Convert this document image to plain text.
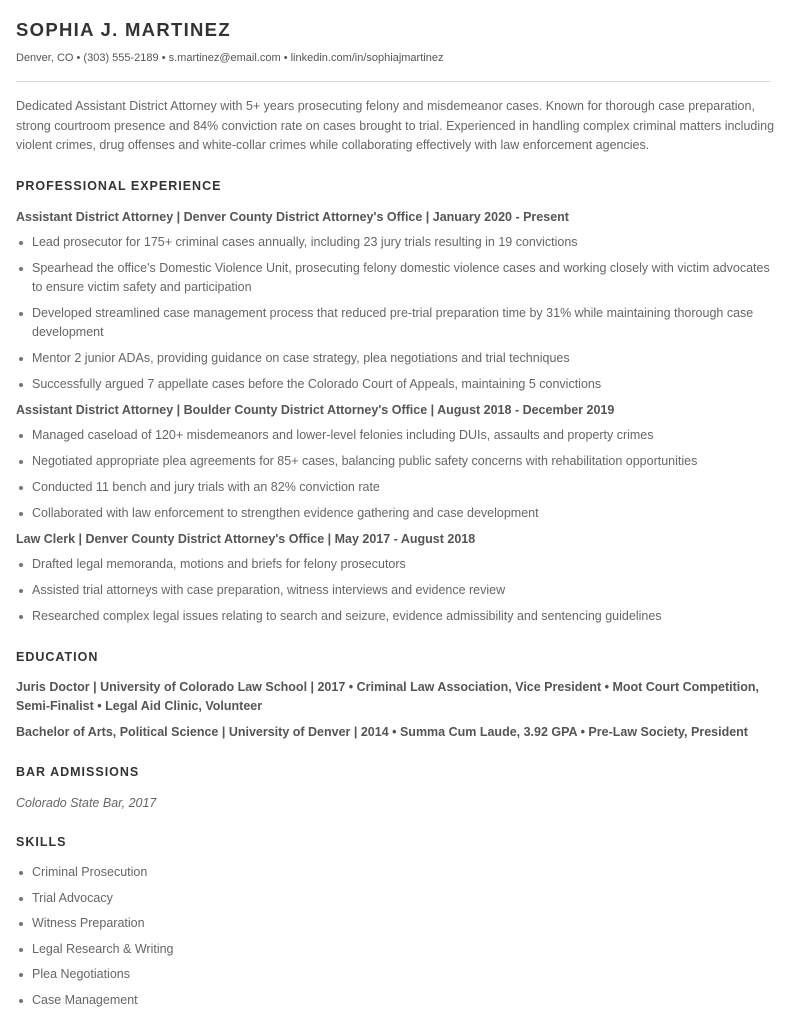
SOPHIA J. MARTINEZ
Denver, CO • (303) 555-2189 • s.martinez@email.com • linkedin.com/in/sophiajmartinez
Dedicated Assistant District Attorney with 5+ years prosecuting felony and misdemeanor cases. Known for thorough case preparation, strong courtroom presence and 84% conviction rate on cases brought to trial. Experienced in handling complex criminal matters including violent crimes, drug offenses and white-collar crimes while collaborating effectively with law enforcement agencies.
PROFESSIONAL EXPERIENCE
Assistant District Attorney | Denver County District Attorney's Office | January 2020 - Present
Lead prosecutor for 175+ criminal cases annually, including 23 jury trials resulting in 19 convictions
Spearhead the office's Domestic Violence Unit, prosecuting felony domestic violence cases and working closely with victim advocates to ensure victim safety and participation
Developed streamlined case management process that reduced pre-trial preparation time by 31% while maintaining thorough case development
Mentor 2 junior ADAs, providing guidance on case strategy, plea negotiations and trial techniques
Successfully argued 7 appellate cases before the Colorado Court of Appeals, maintaining 5 convictions
Assistant District Attorney | Boulder County District Attorney's Office | August 2018 - December 2019
Managed caseload of 120+ misdemeanors and lower-level felonies including DUIs, assaults and property crimes
Negotiated appropriate plea agreements for 85+ cases, balancing public safety concerns with rehabilitation opportunities
Conducted 11 bench and jury trials with an 82% conviction rate
Collaborated with law enforcement to strengthen evidence gathering and case development
Law Clerk | Denver County District Attorney's Office | May 2017 - August 2018
Drafted legal memoranda, motions and briefs for felony prosecutors
Assisted trial attorneys with case preparation, witness interviews and evidence review
Researched complex legal issues relating to search and seizure, evidence admissibility and sentencing guidelines
EDUCATION
Juris Doctor | University of Colorado Law School | 2017 • Criminal Law Association, Vice President • Moot Court Competition, Semi-Finalist • Legal Aid Clinic, Volunteer
Bachelor of Arts, Political Science | University of Denver | 2014 • Summa Cum Laude, 3.92 GPA • Pre-Law Society, President
BAR ADMISSIONS
Colorado State Bar, 2017
SKILLS
Criminal Prosecution
Trial Advocacy
Witness Preparation
Legal Research & Writing
Plea Negotiations
Case Management
